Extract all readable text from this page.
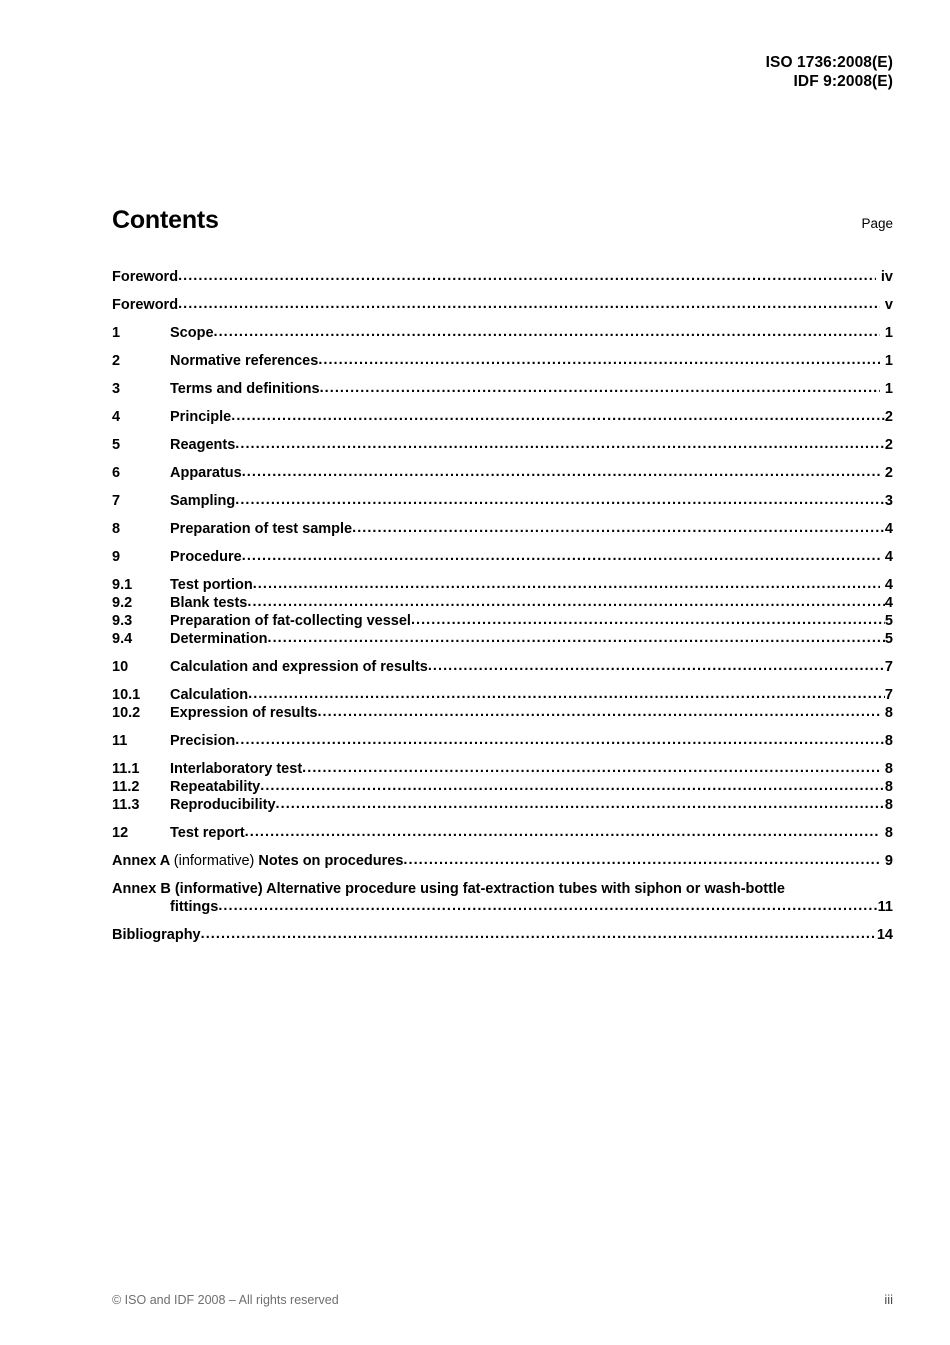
ISO 1736:2008(E)
IDF 9:2008(E)
Contents	Page
Foreword .....	iv
Foreword .....	v
1	Scope .....	1
2	Normative references .....	1
3	Terms and definitions .....	1
4	Principle .....	2
5	Reagents .....	2
6	Apparatus .....	2
7	Sampling .....	3
8	Preparation of test sample .....	4
9	Procedure .....	4
9.1	Test portion .....	4
9.2	Blank tests .....	4
9.3	Preparation of fat-collecting vessel .....	5
9.4	Determination .....	5
10	Calculation and expression of results .....	7
10.1	Calculation .....	7
10.2	Expression of results .....	8
11	Precision .....	8
11.1	Interlaboratory test .....	8
11.2	Repeatability .....	8
11.3	Reproducibility .....	8
12	Test report .....	8
Annex A (informative) Notes on procedures .....	9
Annex B (informative) Alternative procedure using fat-extraction tubes with siphon or wash-bottle
fittings .....	11
Bibliography .....	14
© ISO and IDF 2008 – All rights reserved	iii
